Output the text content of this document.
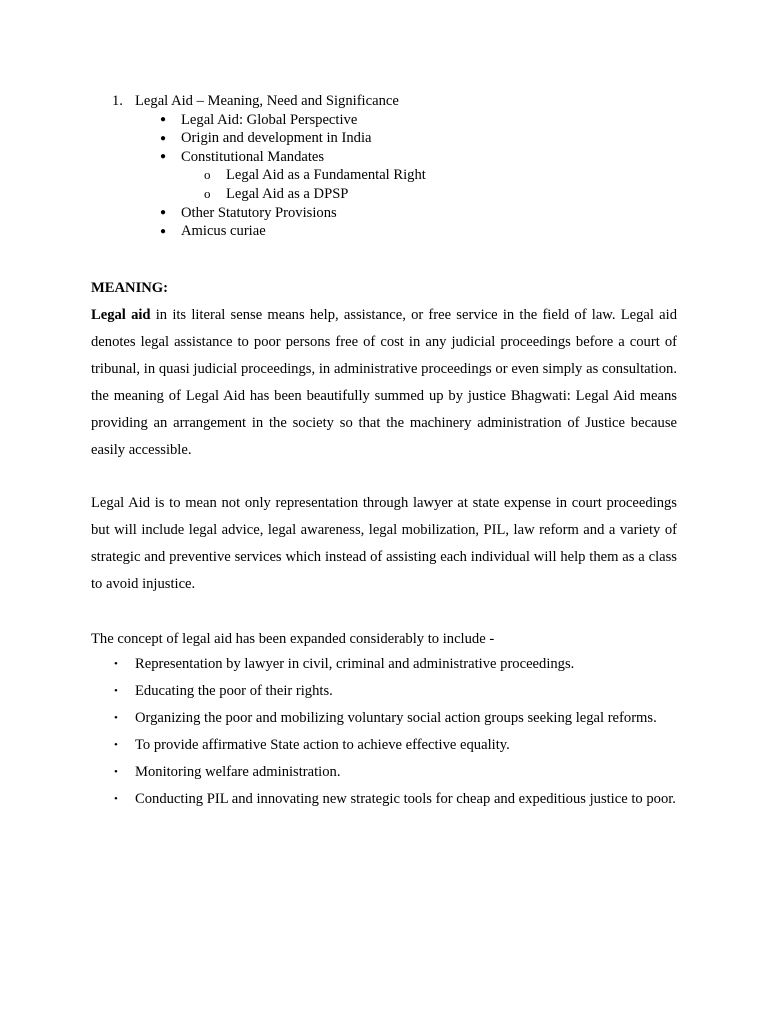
1. Legal Aid – Meaning, Need and Significance
● Legal Aid: Global Perspective
● Origin and development in India
● Constitutional Mandates
o Legal Aid as a Fundamental Right
o Legal Aid as a DPSP
● Other Statutory Provisions
● Amicus curiae
MEANING:
Legal aid in its literal sense means help, assistance, or free service in the field of law. Legal aid denotes legal assistance to poor persons free of cost in any judicial proceedings before a court of tribunal, in quasi judicial proceedings, in administrative proceedings or even simply as consultation. the meaning of Legal Aid has been beautifully summed up by justice Bhagwati: Legal Aid means providing an arrangement in the society so that the machinery administration of Justice because easily accessible.
Legal Aid is to mean not only representation through lawyer at state expense in court proceedings but will include legal advice, legal awareness, legal mobilization, PIL, law reform and a variety of strategic and preventive services which instead of assisting each individual will help them as a class to avoid injustice.
The concept of legal aid has been expanded considerably to include -
• Representation by lawyer in civil, criminal and administrative proceedings.
• Educating the poor of their rights.
• Organizing the poor and mobilizing voluntary social action groups seeking legal reforms.
• To provide affirmative State action to achieve effective equality.
• Monitoring welfare administration.
• Conducting PIL and innovating new strategic tools for cheap and expeditious justice to poor.
